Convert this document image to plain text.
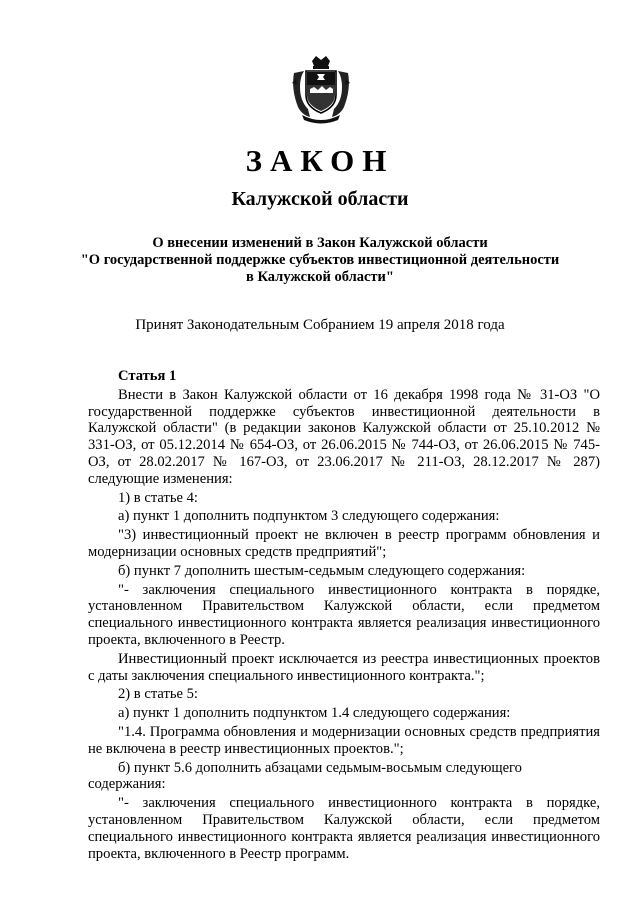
ЗАКОН
Калужской области
О внесении изменений в Закон Калужской области
"О государственной поддержке субъектов инвестиционной деятельности
в Калужской области"
Принят Законодательным Собранием 19 апреля 2018 года
Статья 1

Внести в Закон Калужской области от 16 декабря 1998 года № 31-ОЗ "О государственной поддержке субъектов инвестиционной деятельности в Калужской области" (в редакции законов Калужской области от 25.10.2012 № 331-ОЗ, от 05.12.2014 № 654-ОЗ, от 26.06.2015 № 744-ОЗ, от 26.06.2015 № 745-ОЗ, от 28.02.2017 № 167-ОЗ, от 23.06.2017 № 211-ОЗ, 28.12.2017 № 287) следующие изменения:

1) в статье 4:

а) пункт 1 дополнить подпунктом 3 следующего содержания:

"3) инвестиционный проект не включен в реестр программ обновления и модернизации основных средств предприятий";

б) пункт 7 дополнить шестым-седьмым следующего содержания:

"- заключения специального инвестиционного контракта в порядке, установленном Правительством Калужской области, если предметом специального инвестиционного контракта является реализация инвестиционного проекта, включенного в Реестр.

Инвестиционный проект исключается из реестра инвестиционных проектов с даты заключения специального инвестиционного контракта.";

2) в статье 5:

а) пункт 1 дополнить подпунктом 1.4 следующего содержания:

"1.4. Программа обновления и модернизации основных средств предприятия не включена в реестр инвестиционных проектов.";

б) пункт 5.6 дополнить абзацами седьмым-восьмым следующего содержания:

"- заключения специального инвестиционного контракта в порядке, установленном Правительством Калужской области, если предметом специального инвестиционного контракта является реализация инвестиционного проекта, включенного в Реестр программ.
